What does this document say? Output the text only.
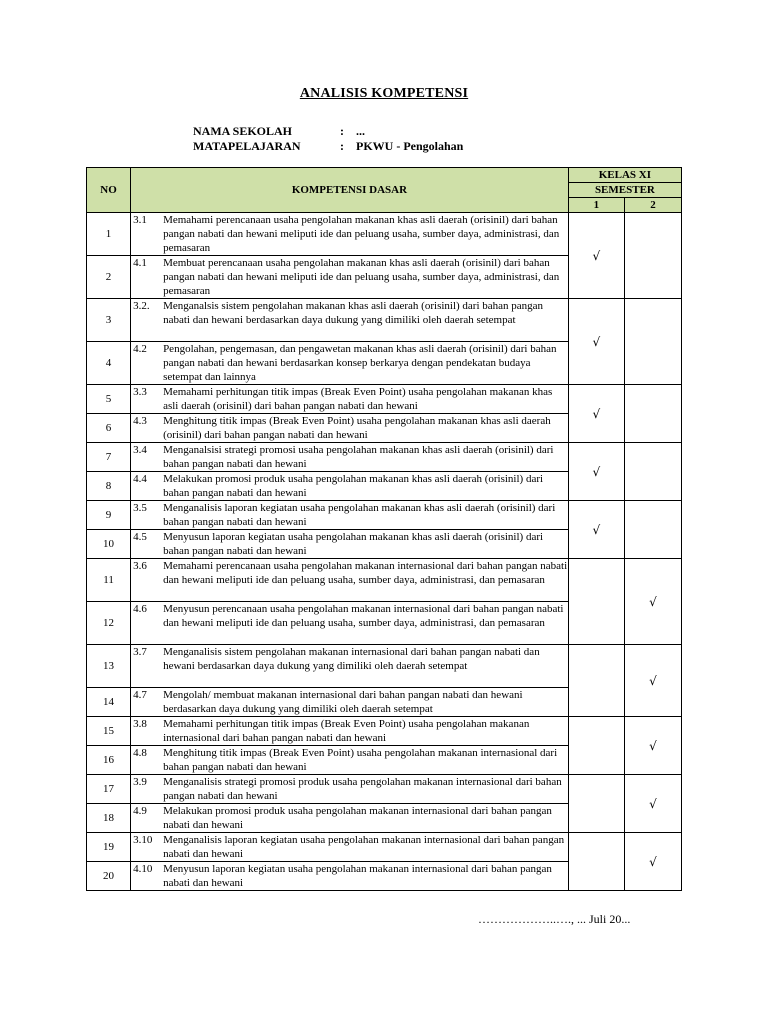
ANALISIS KOMPETENSI
NAMA SEKOLAH	: ...
MATAPELAJARAN	: PKWU - Pengolahan
NO	KOMPETENSI DASAR	KELAS XI	
		SEMESTER	
		1	2
1	3.1 Memahami perencanaan usaha pengolahan makanan khas asli daerah (orisinil) dari bahan pangan nabati dan hewani meliputi ide dan peluang usaha, sumber daya, administrasi, dan pemasaran	√	
2	4.1 Membuat perencanaan usaha pengolahan makanan khas asli daerah (orisinil) dari bahan pangan nabati dan hewani meliputi ide dan peluang usaha, sumber daya, administrasi, dan pemasaran		

3	3.2. Menganalsis sistem pengolahan makanan khas asli daerah (orisinil) dari bahan pangan nabati dan hewani berdasarkan daya dukung yang dimiliki oleh daerah setempat	√	
4	4.2 Pengolahan, pengemasan, dan pengawetan makanan khas asli daerah (orisinil) dari bahan pangan nabati dan hewani berdasarkan konsep berkarya dengan pendekatan budaya setempat dan lainnya		

5	3.3 Memahami perhitungan titik impas (Break Even Point) usaha pengolahan makanan khas asli daerah (orisinil) dari bahan pangan nabati dan hewani	√	
6	4.3 Menghitung titik impas (Break Even Point) usaha pengolahan makanan khas asli daerah (orisinil) dari bahan pangan nabati dan hewani		

7	3.4 Menganalsisi strategi promosi usaha pengolahan makanan khas asli daerah (orisinil) dari bahan pangan nabati dan hewani	√	
8	4.4 Melakukan promosi produk usaha pengolahan makanan khas asli daerah (orisinil) dari bahan pangan nabati dan hewani		

9	3.5 Menganalisis laporan kegiatan usaha pengolahan makanan khas asli daerah (orisinil) dari bahan pangan nabati dan hewani	√	
10	4.5 Menyusun laporan kegiatan usaha pengolahan makanan khas asli daerah (orisinil) dari bahan pangan nabati dan hewani		

11	3.6 Memahami perencanaan usaha pengolahan makanan internasional dari bahan pangan nabati dan hewani meliputi ide dan peluang usaha, sumber daya, administrasi, dan pemasaran		√
12	4.6 Menyusun perencanaan usaha pengolahan makanan internasional dari bahan pangan nabati dan hewani meliputi ide dan peluang usaha, sumber daya, administrasi, dan pemasaran		

13	3.7 Menganalisis sistem pengolahan makanan internasional dari bahan pangan nabati dan hewani berdasarkan daya dukung yang dimiliki oleh daerah setempat		√
14	4.7 Mengolah/ membuat makanan internasional dari bahan pangan nabati dan hewani berdasarkan daya dukung yang dimiliki oleh daerah setempat		

15	3.8 Memahami perhitungan titik impas (Break Even Point) usaha pengolahan makanan internasional dari bahan pangan nabati dan hewani		√
16	4.8 Menghitung titik impas (Break Even Point) usaha pengolahan makanan internasional dari bahan pangan nabati dan hewani		

17	3.9 Menganalisis strategi promosi produk usaha pengolahan makanan internasional dari bahan pangan nabati dan hewani		√
18	4.9 Melakukan promosi produk usaha pengolahan makanan internasional dari bahan pangan nabati dan hewani		

19	3.10 Menganalisis laporan kegiatan usaha pengolahan makanan internasional dari bahan pangan nabati dan hewani		√
20	4.10 Menyusun laporan kegiatan usaha pengolahan makanan internasional dari bahan pangan nabati dan hewani		
………………..…., ... Juli 20...
